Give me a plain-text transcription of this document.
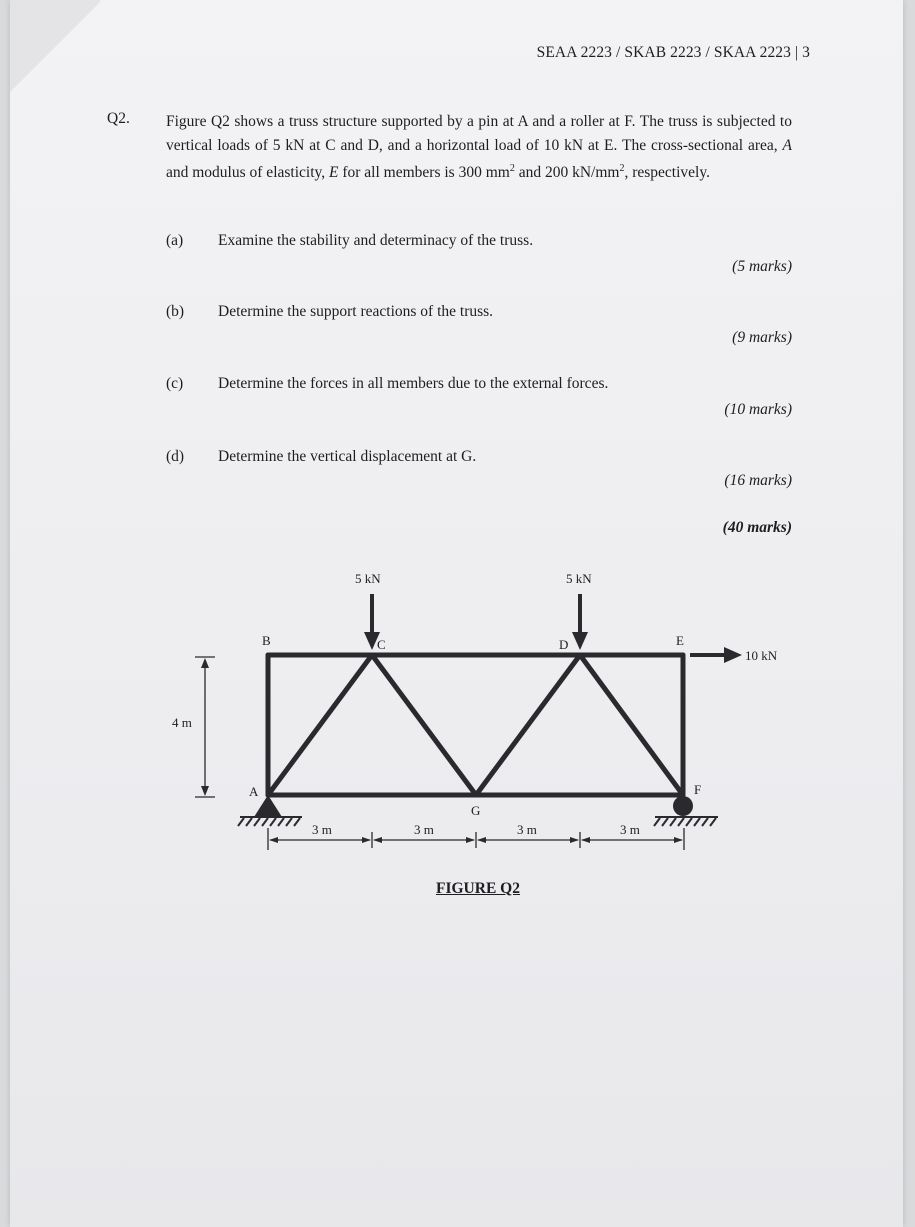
SEAA 2223 / SKAB 2223 / SKAA 2223 | 3
Q2. Figure Q2 shows a truss structure supported by a pin at A and a roller at F. The truss is subjected to vertical loads of 5 kN at C and D, and a horizontal load of 10 kN at E. The cross-sectional area, A and modulus of elasticity, E for all members is 300 $mm^2$ and 200 $kN/mm^2$, respectively.
(a)	Examine the stability and determinacy of the truss.
(5 marks)
(b)	Determine the support reactions of the truss.
(9 marks)
(c)	Determine the forces in all members due to the external forces.
(10 marks)
(d)	Determine the vertical displacement at G.
(16 marks)
(40 marks)
5 kN	5 kN
10 kN
B	C	D	E
A	F
G
4 m
3 m	3 m	3 m	3 m
FIGURE Q2
